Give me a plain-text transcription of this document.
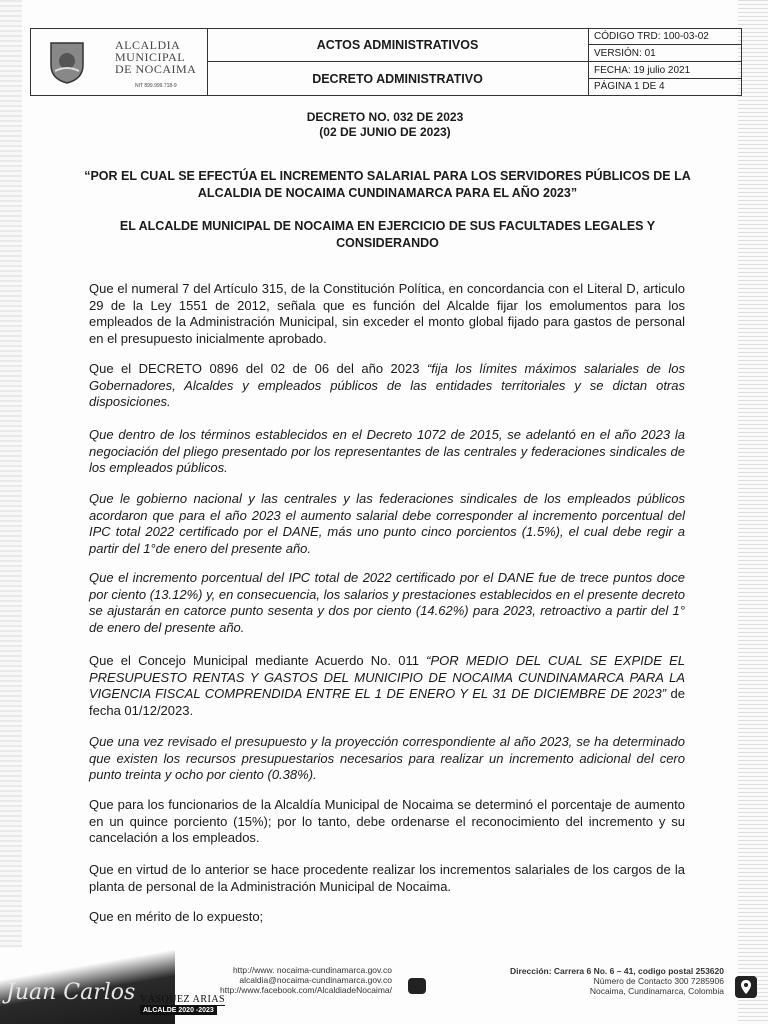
ALCALDIA
MUNICIPAL
DE NOCAIMA
NIT 899.999.718-9
ACTOS ADMINISTRATIVOS
DECRETO ADMINISTRATIVO
CÓDIGO TRD: 100-03-02
VERSIÓN: 01
FECHA: 19 julio 2021
PÁGINA 1 DE 4
DECRETO NO. 032 DE 2023
(02 DE JUNIO DE 2023)
“POR EL CUAL SE EFECTÚA EL INCREMENTO SALARIAL PARA LOS SERVIDORES PÚBLICOS DE LA ALCALDIA DE NOCAIMA CUNDINAMARCA PARA EL AÑO 2023”
EL ALCALDE MUNICIPAL DE NOCAIMA EN EJERCICIO DE SUS FACULTADES LEGALES Y CONSIDERANDO
Que el numeral 7 del Artículo 315, de la Constitución Política, en concordancia con el Literal D, articulo 29 de la Ley 1551 de 2012, señala que es función del Alcalde fijar los emolumentos para los empleados de la Administración Municipal, sin exceder el monto global fijado para gastos de personal en el presupuesto inicialmente aprobado.
Que el DECRETO 0896 del 02 de 06 del año 2023 “fija los límites máximos salariales de los Gobernadores, Alcaldes y empleados públicos de las entidades territoriales y se dictan otras disposiciones.
Que dentro de los términos establecidos en el Decreto 1072 de 2015, se adelantó en el año 2023 la negociación del pliego presentado por los representantes de las centrales y federaciones sindicales de los empleados públicos.
Que le gobierno nacional y las centrales y las federaciones sindicales de los empleados públicos acordaron que para el año 2023 el aumento salarial debe corresponder al incremento porcentual del IPC total 2022 certificado por el DANE, más uno punto cinco porcientos (1.5%), el cual debe regir a partir del 1°de enero del presente año.
Que el incremento porcentual del IPC total de 2022 certificado por el DANE fue de trece puntos doce por ciento (13.12%) y, en consecuencia, los salarios y prestaciones establecidos en el presente decreto se ajustarán en catorce punto sesenta y dos por ciento (14.62%) para 2023, retroactivo a partir del 1° de enero del presente año.
Que el Concejo Municipal mediante Acuerdo No. 011 “POR MEDIO DEL CUAL SE EXPIDE EL PRESUPUESTO RENTAS Y GASTOS DEL MUNICIPIO DE NOCAIMA CUNDINAMARCA PARA LA VIGENCIA FISCAL COMPRENDIDA ENTRE EL 1 DE ENERO Y EL 31 DE DICIEMBRE DE 2023” de fecha 01/12/2023.
Que una vez revisado el presupuesto y la proyección correspondiente al año 2023, se ha determinado que existen los recursos presupuestarios necesarios para realizar un incremento adicional del cero punto treinta y ocho por ciento (0.38%).
Que para los funcionarios de la Alcaldía Municipal de Nocaima se determinó el porcentaje de aumento en un quince porciento (15%); por lo tanto, debe ordenarse el reconocimiento del incremento y su cancelación a los empleados.
Que en virtud de lo anterior se hace procedente realizar los incrementos salariales de los cargos de la planta de personal de la Administración Municipal de Nocaima.
Que en mérito de lo expuesto;
Juan Carlos VÁSQUEZ ARIAS
ALCALDE 2020 -2023
http://www. nocaima-cundinamarca.gov.co
alcaldia@nocaima-cundinamarca.gov.co
http://www.facebook.com/AlcaldiadeNocaima/
Dirección: Carrera 6 No. 6 – 41, codigo postal 253620
Número de Contacto 300 7285906
Nocaima, Cundinamarca, Colombia
